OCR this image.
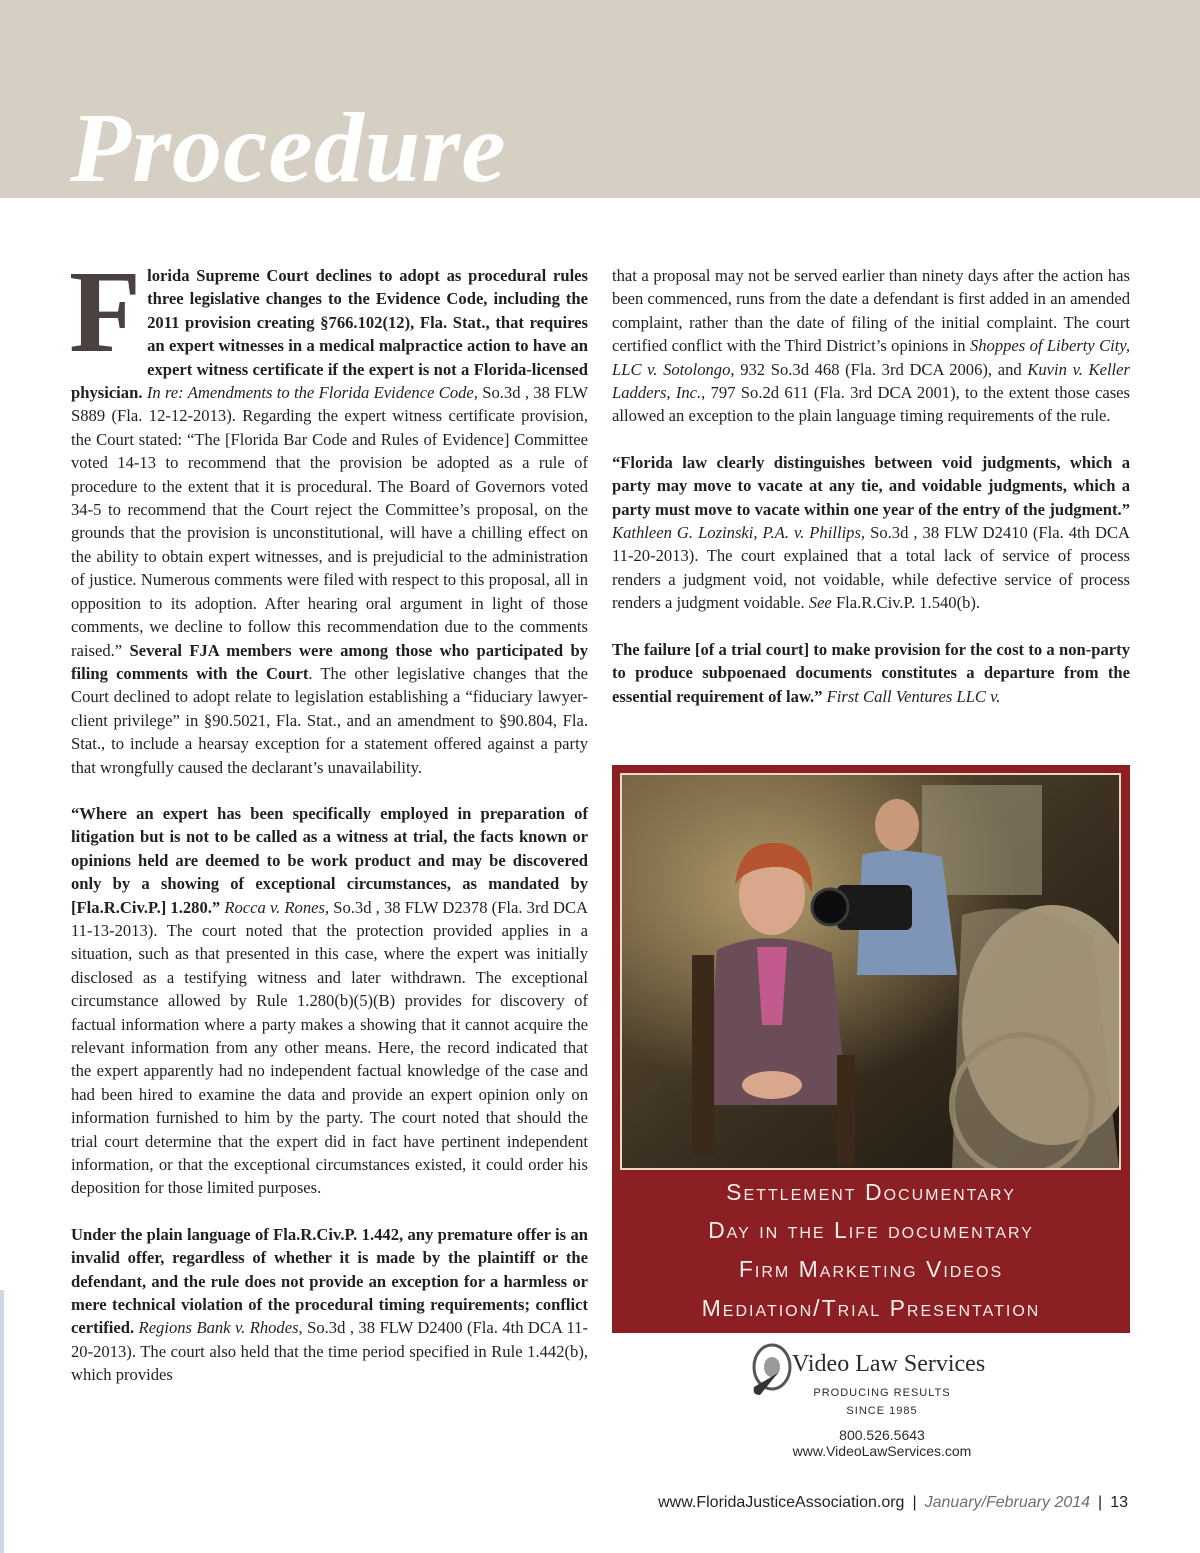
Procedure

Florida Supreme Court declines to adopt as procedural rules three legislative changes to the Evidence Code, including the 2011 provision creating §766.102(12), Fla. Stat., that requires an expert witnesses in a medical malpractice action to have an expert witness certificate if the expert is not a Florida-licensed physician. In re: Amendments to the Florida Evidence Code, So.3d , 38 FLW S889 (Fla. 12-12-2013). Regarding the expert witness certificate provision, the Court stated: “The [Florida Bar Code and Rules of Evidence] Committee voted 14-13 to recommend that the provision be adopted as a rule of procedure to the extent that it is procedural. The Board of Governors voted 34-5 to recommend that the Court reject the Committee’s proposal, on the grounds that the provision is unconstitutional, will have a chilling effect on the ability to obtain expert witnesses, and is prejudicial to the administration of justice. Numerous comments were filed with respect to this proposal, all in opposition to its adoption. After hearing oral argument in light of those comments, we decline to follow this recommendation due to the comments raised.” Several FJA members were among those who participated by filing comments with the Court. The other legislative changes that the Court declined to adopt relate to legislation establishing a “fiduciary lawyer-client privilege” in §90.5021, Fla. Stat., and an amendment to §90.804, Fla. Stat., to include a hearsay exception for a statement offered against a party that wrongfully caused the declarant’s unavailability.

“Where an expert has been specifically employed in preparation of litigation but is not to be called as a witness at trial, the facts known or opinions held are deemed to be work product and may be discovered only by a showing of exceptional circumstances, as mandated by [Fla.R.Civ.P.] 1.280.” Rocca v. Rones, So.3d , 38 FLW D2378 (Fla. 3rd DCA 11-13-2013). The court noted that the protection provided applies in a situation, such as that presented in this case, where the expert was initially disclosed as a testifying witness and later withdrawn. The exceptional circumstance allowed by Rule 1.280(b)(5)(B) provides for discovery of factual information where a party makes a showing that it cannot acquire the relevant information from any other means. Here, the record indicated that the expert apparently had no independent factual knowledge of the case and had been hired to examine the data and provide an expert opinion only on information furnished to him by the party. The court noted that should the trial court determine that the expert did in fact have pertinent independent information, or that the exceptional circumstances existed, it could order his deposition for those limited purposes.

Under the plain language of Fla.R.Civ.P. 1.442, any premature offer is an invalid offer, regardless of whether it is made by the plaintiff or the defendant, and the rule does not provide an exception for a harmless or mere technical violation of the procedural timing requirements; conflict certified. Regions Bank v. Rhodes, So.3d , 38 FLW D2400 (Fla. 4th DCA 11-20-2013). The court also held that the time period specified in Rule 1.442(b), which provides

that a proposal may not be served earlier than ninety days after the action has been commenced, runs from the date a defendant is first added in an amended complaint, rather than the date of filing of the initial complaint. The court certified conflict with the Third District’s opinions in Shoppes of Liberty City, LLC v. Sotolongo, 932 So.3d 468 (Fla. 3rd DCA 2006), and Kuvin v. Keller Ladders, Inc., 797 So.2d 611 (Fla. 3rd DCA 2001), to the extent those cases allowed an exception to the plain language timing requirements of the rule.

“Florida law clearly distinguishes between void judgments, which a party may move to vacate at any tie, and voidable judgments, which a party must move to vacate within one year of the entry of the judgment.” Kathleen G. Lozinski, P.A. v. Phillips, So.3d , 38 FLW D2410 (Fla. 4th DCA 11-20-2013). The court explained that a total lack of service of process renders a judgment void, not voidable, while defective service of process renders a judgment voidable. See Fla.R.Civ.P. 1.540(b).

The failure [of a trial court] to make provision for the cost to a non-party to produce subpoenaed documents constitutes a departure from the essential requirement of law.” First Call Ventures LLC v.

Settlement Documentary
Day in the Life documentary
Firm Marketing Videos
Mediation/Trial Presentation
Video Law Services
PRODUCING RESULTS
SINCE 1985
800.526.5643
www.VideoLawServices.com
www.FloridaJusticeAssociation.org | January/February 2014 | 13
